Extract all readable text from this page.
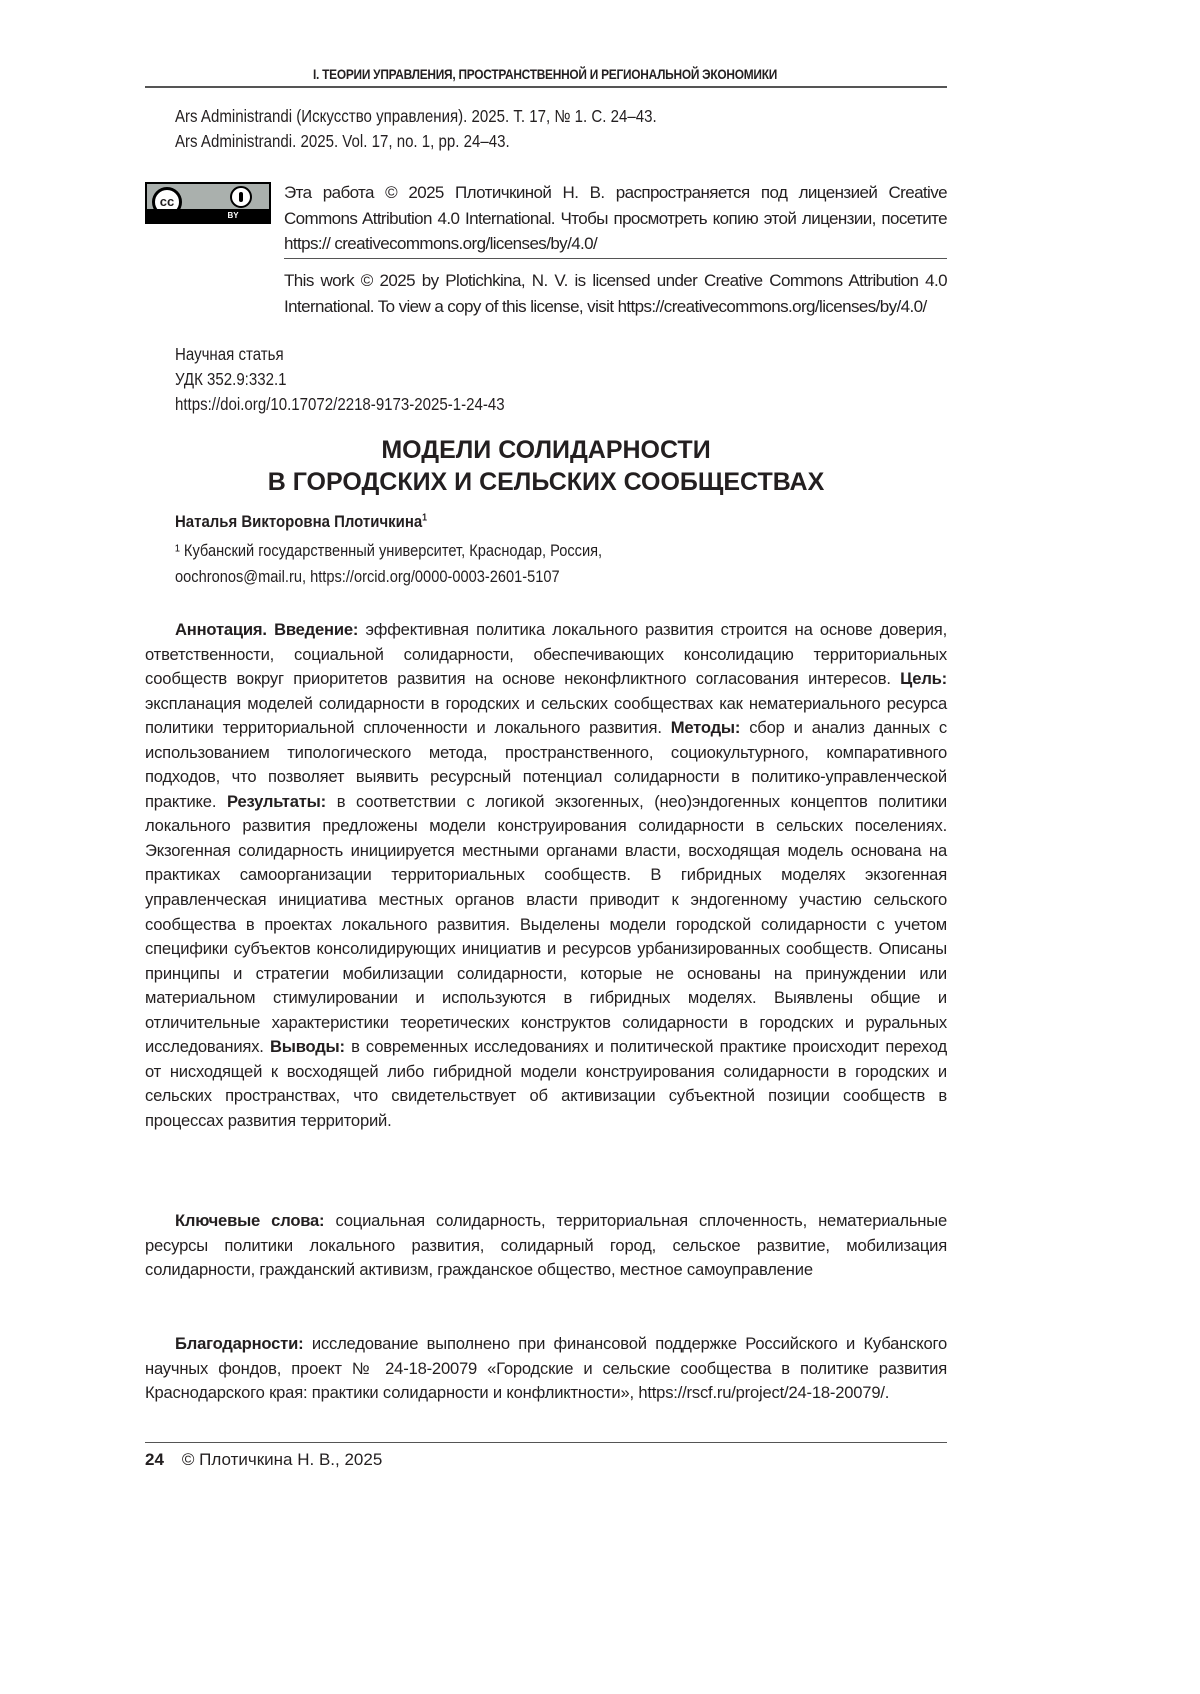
I. ТЕОРИИ УПРАВЛЕНИЯ, ПРОСТРАНСТВЕННОЙ И РЕГИОНАЛЬНОЙ ЭКОНОМИКИ
Ars Administrandi (Искусство управления). 2025. Т. 17, № 1. С. 24–43.
Ars Administrandi. 2025. Vol. 17, no. 1, pp. 24–43.
cc
BY
Эта работа © 2025 Плотичкиной Н. В. распространяется под лицензией Creative Commons Attribution 4.0 International. Чтобы просмотреть копию этой лицензии, посетите https:// creativecommons.org/licenses/by/4.0/
This work © 2025 by Plotichkina, N. V. is licensed under Creative Commons Attribution 4.0 International. To view a copy of this license, visit https://creativecommons.org/licenses/by/4.0/
Научная статья
УДК 352.9:332.1
https://doi.org/10.17072/2218-9173-2025-1-24-43
МОДЕЛИ СОЛИДАРНОСТИ
В ГОРОДСКИХ И СЕЛЬСКИХ СООБЩЕСТВАХ
Наталья Викторовна Плотичкина1
¹ Кубанский государственный университет, Краснодар, Россия,
oochronos@mail.ru, https://orcid.org/0000-0003-2601-5107
Аннотация. Введение: эффективная политика локального развития строится на основе доверия, ответственности, социальной солидарности, обеспечивающих консолидацию территориальных сообществ вокруг приоритетов развития на основе неконфликтного согласования интересов. Цель: экспланация моделей солидарности в городских и сельских сообществах как нематериального ресурса политики территориальной сплоченности и локального развития. Методы: сбор и анализ данных с использованием типологического метода, пространственного, социокультурного, компаративного подходов, что позволяет выявить ресурсный потенциал солидарности в политико-управленческой практике. Результаты: в соответствии с логикой экзогенных, (нео)эндогенных концептов политики локального развития предложены модели конструирования солидарности в сельских поселениях. Экзогенная солидарность инициируется местными органами власти, восходящая модель основана на практиках самоорганизации территориальных сообществ. В гибридных моделях экзогенная управленческая инициатива местных органов власти приводит к эндогенному участию сельского сообщества в проектах локального развития. Выделены модели городской солидарности с учетом специфики субъектов консолидирующих инициатив и ресурсов урбанизированных сообществ. Описаны принципы и стратегии мобилизации солидарности, которые не основаны на принуждении или материальном стимулировании и используются в гибридных моделях. Выявлены общие и отличительные характеристики теоретических конструктов солидарности в городских и руральных исследованиях. Выводы: в современных исследованиях и политической практике происходит переход от нисходящей к восходящей либо гибридной модели конструирования солидарности в городских и сельских пространствах, что свидетельствует об активизации субъектной позиции сообществ в процессах развития территорий.
Ключевые слова: социальная солидарность, территориальная сплоченность, нематериальные ресурсы политики локального развития, солидарный город, сельское развитие, мобилизация солидарности, гражданский активизм, гражданское общество, местное самоуправление
Благодарности: исследование выполнено при финансовой поддержке Российского и Кубанского научных фондов, проект № 24-18-20079 «Городские и сельские сообщества в политике развития Краснодарского края: практики солидарности и конфликтности», https://rscf.ru/project/24-18-20079/.
24 © Плотичкина Н. В., 2025
